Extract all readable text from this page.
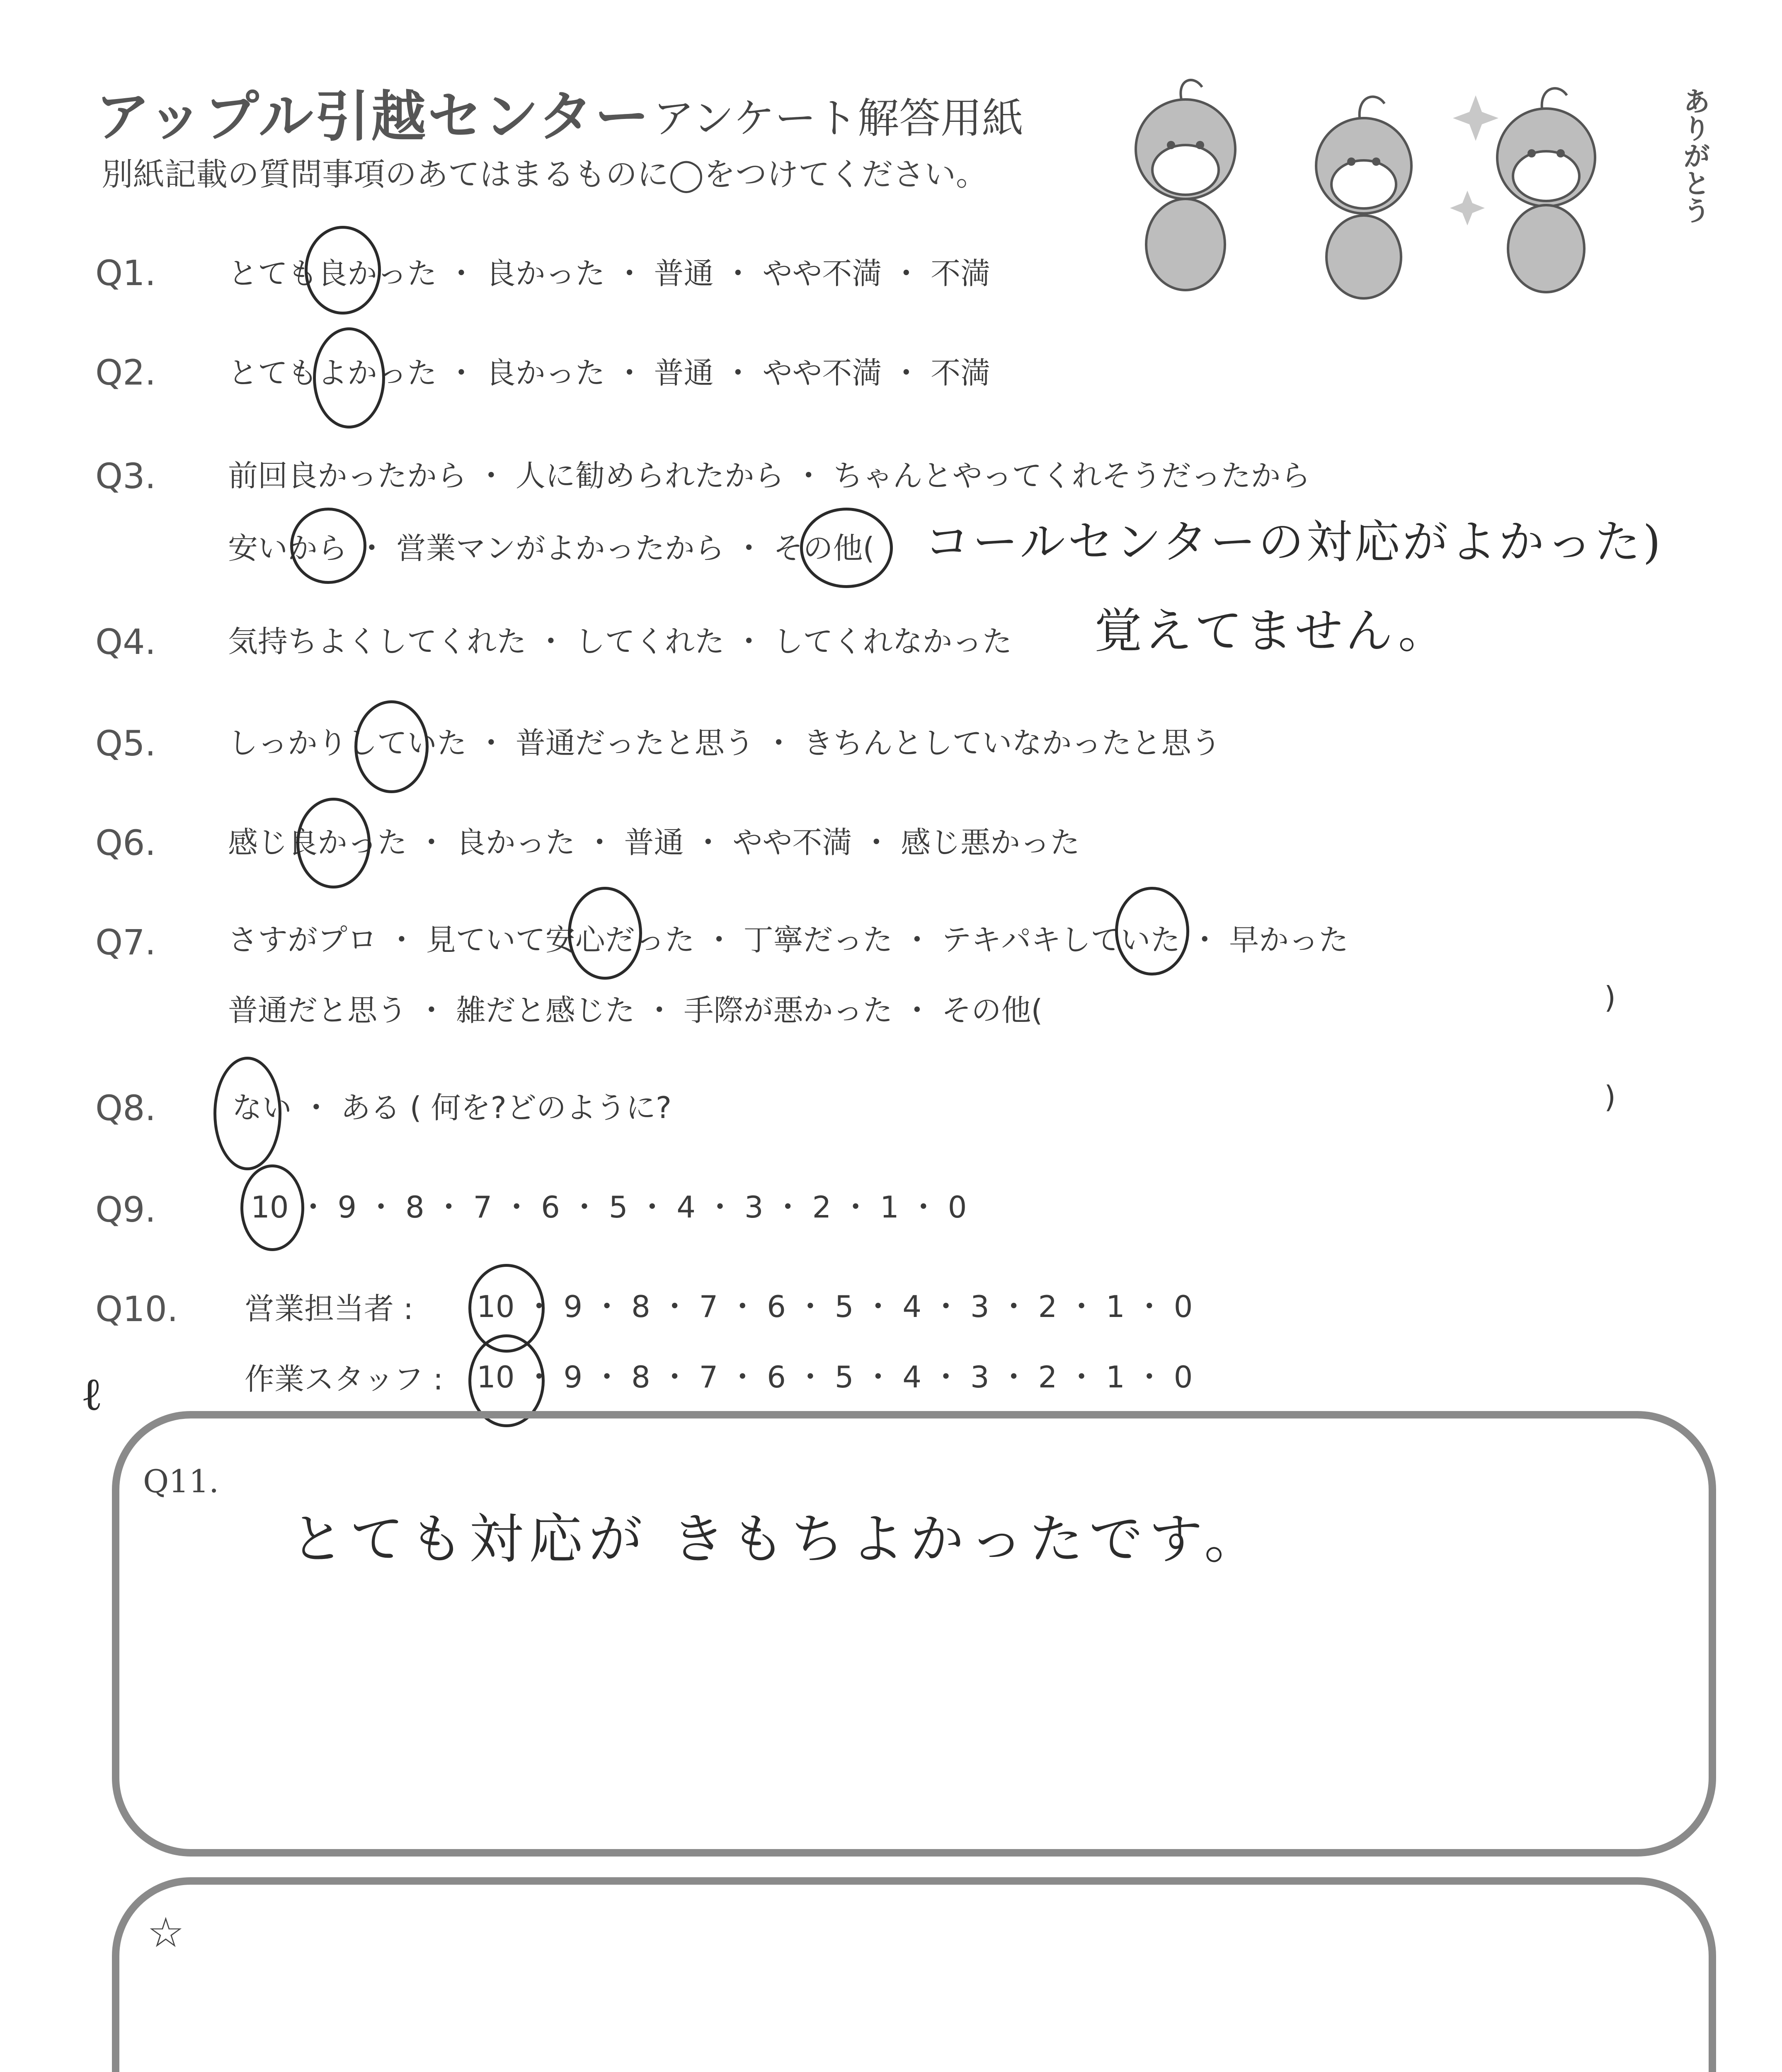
アップル引越センター アンケート解答用紙
別紙記載の質問事項のあてはまるものに◯をつけてください。	ありがとう
Q1. とても良かった ・ 良かった ・ 普通 ・ やや不満 ・ 不満
Q2. とてもよかった ・ 良かった ・ 普通 ・ やや不満 ・ 不満
Q3. 前回良かったから ・ 人に勧められたから ・ ちゃんとやってくれそうだったから
安いから ・ 営業マンがよかったから ・ その他( コールセンターの対応がよかった)
Q4. 気持ちよくしてくれた ・ してくれた ・ してくれなかった 覚えてません。
Q5. しっかりしていた ・ 普通だったと思う ・ きちんとしていなかったと思う
Q6. 感じ良かった ・ 良かった ・ 普通 ・ やや不満 ・ 感じ悪かった
Q7. さすがプロ ・ 見ていて安心だった ・ 丁寧だった ・ テキパキしていた ・ 早かった
普通だと思う ・ 雑だと感じた ・ 手際が悪かった ・ その他(	)
Q8.	ない ・ ある ( 何を?どのように?	)
Q9.	10 ・ 9 ・ 8 ・ 7 ・ 6 ・ 5 ・ 4 ・ 3 ・ 2 ・ 1 ・ 0
Q10. 営業担当者 : 10 ・ 9 ・ 8 ・ 7 ・ 6 ・ 5 ・ 4 ・ 3 ・ 2 ・ 1 ・ 0
作業スタッフ : 10 ・ 9 ・ 8 ・ 7 ・ 6 ・ 5 ・ 4 ・ 3 ・ 2 ・ 1 ・ 0
ℓ
Q11.
とても対応が きもちよかったです。
☆
